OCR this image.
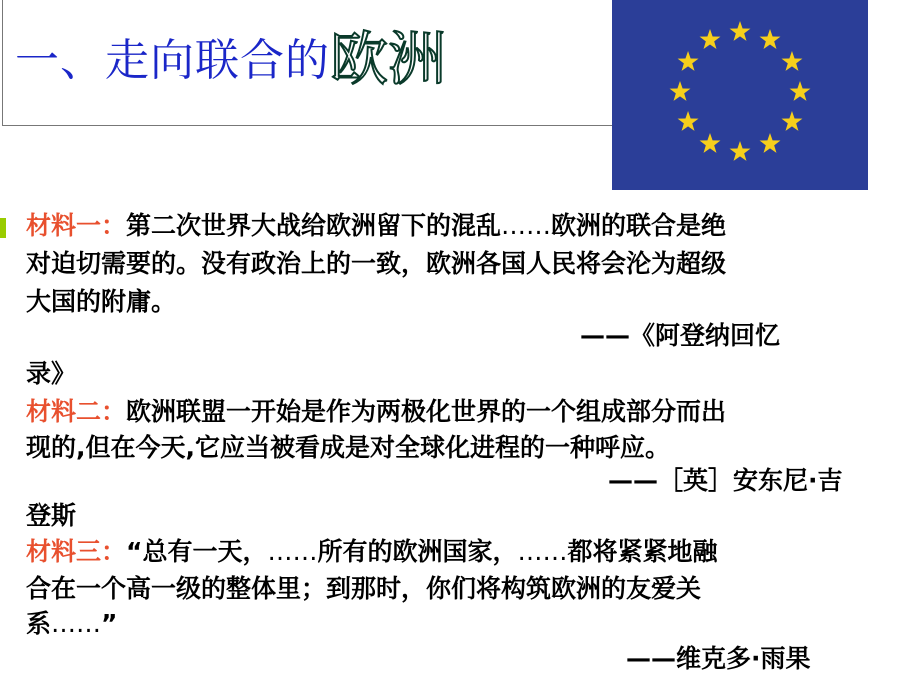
一、走向联合的欧洲
材料一：第二次世界大战给欧洲留下的混乱……欧洲的联合是绝
对迫切需要的。没有政治上的一致，欧洲各国人民将会沦为超级
大国的附庸。
——《阿登纳回忆
录》
材料二：欧洲联盟一开始是作为两极化世界的一个组成部分而出
现的,但在今天,它应当被看成是对全球化进程的一种呼应。
——［英］安东尼·吉
登斯
材料三：“总有一天，……所有的欧洲国家，……都将紧紧地融
合在一个高一级的整体里；到那时，你们将构筑欧洲的友爱关
系……”
——维克多·雨果
